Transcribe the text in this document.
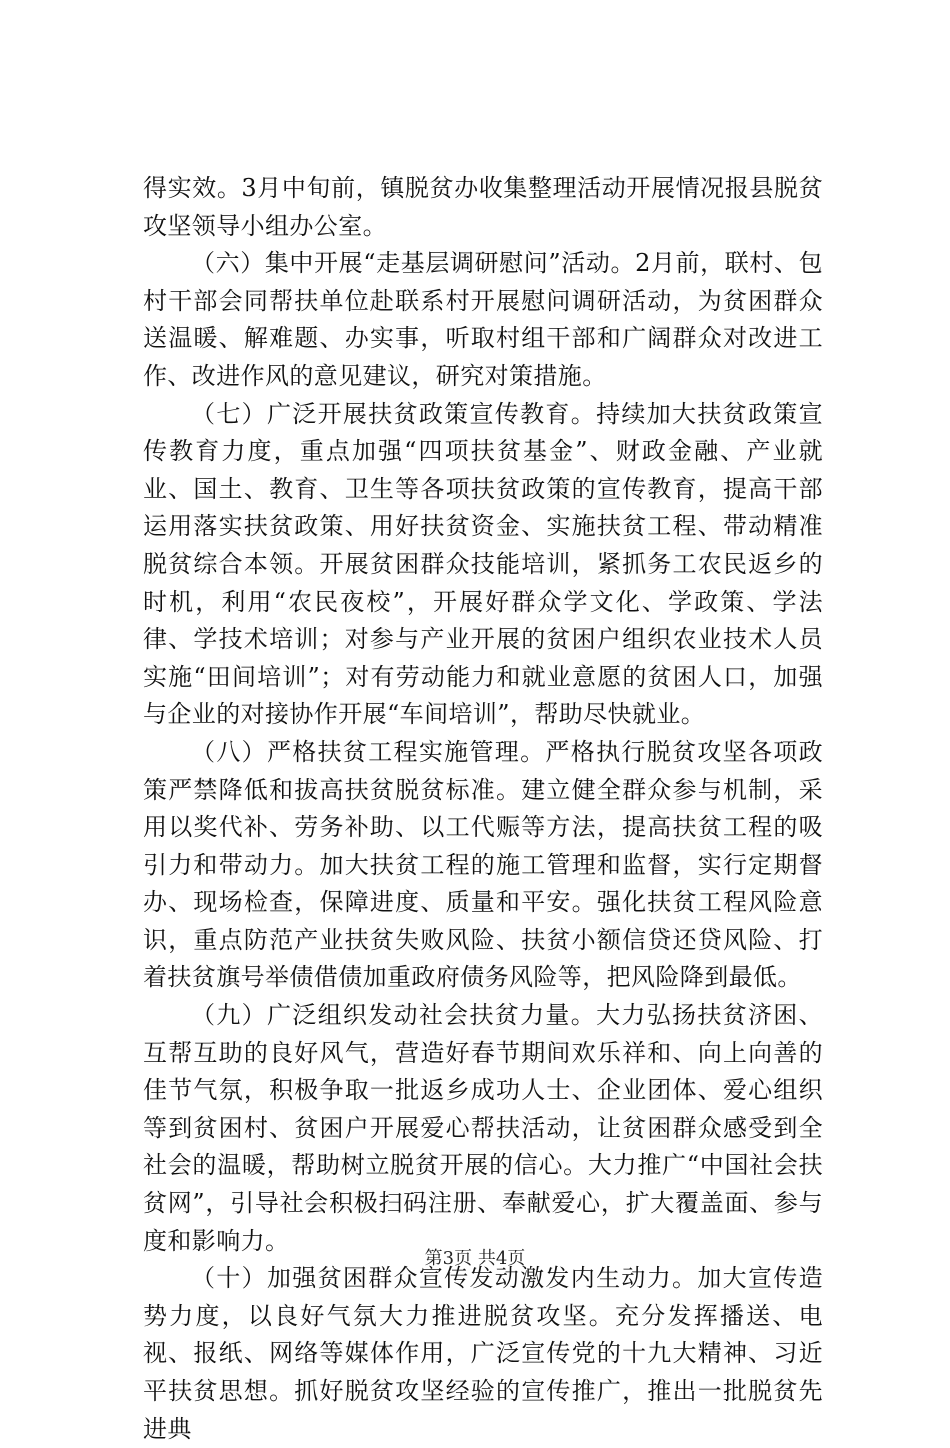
得实效。3月中旬前，镇脱贫办收集整理活动开展情况报县脱贫攻坚领导小组办公室。

（六）集中开展“走基层调研慰问”活动。2月前，联村、包村干部会同帮扶单位赴联系村开展慰问调研活动，为贫困群众送温暖、解难题、办实事，听取村组干部和广阔群众对改进工作、改进作风的意见建议，研究对策措施。

（七）广泛开展扶贫政策宣传教育。持续加大扶贫政策宣传教育力度，重点加强“四项扶贫基金”、财政金融、产业就业、国土、教育、卫生等各项扶贫政策的宣传教育，提高干部运用落实扶贫政策、用好扶贫资金、实施扶贫工程、带动精准脱贫综合本领。开展贫困群众技能培训，紧抓务工农民返乡的时机，利用“农民夜校”，开展好群众学文化、学政策、学法律、学技术培训；对参与产业开展的贫困户组织农业技术人员实施“田间培训”；对有劳动能力和就业意愿的贫困人口，加强与企业的对接协作开展“车间培训”，帮助尽快就业。

（八）严格扶贫工程实施管理。严格执行脱贫攻坚各项政策严禁降低和拔高扶贫脱贫标准。建立健全群众参与机制，采用以奖代补、劳务补助、以工代赈等方法，提高扶贫工程的吸引力和带动力。加大扶贫工程的施工管理和监督，实行定期督办、现场检查，保障进度、质量和平安。强化扶贫工程风险意识，重点防范产业扶贫失败风险、扶贫小额信贷还贷风险、打着扶贫旗号举债借债加重政府债务风险等，把风险降到最低。

（九）广泛组织发动社会扶贫力量。大力弘扬扶贫济困、互帮互助的良好风气，营造好春节期间欢乐祥和、向上向善的佳节气氛，积极争取一批返乡成功人士、企业团体、爱心组织等到贫困村、贫困户开展爱心帮扶活动，让贫困群众感受到全社会的温暖，帮助树立脱贫开展的信心。大力推广“中国社会扶贫网”，引导社会积极扫码注册、奉献爱心，扩大覆盖面、参与度和影响力。

（十）加强贫困群众宣传发动激发内生动力。加大宣传造势力度，以良好气氛大力推进脱贫攻坚。充分发挥播送、电视、报纸、网络等媒体作用，广泛宣传党的十九大精神、习近平扶贫思想。抓好脱贫攻坚经验的宣传推广，推出一批脱贫先进典

第3页 共4页
